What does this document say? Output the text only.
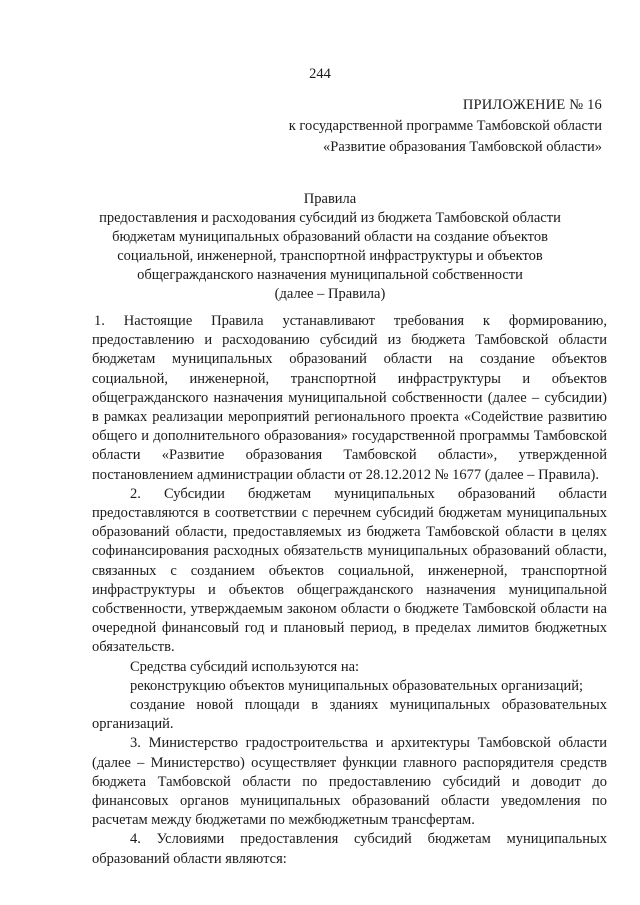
244
ПРИЛОЖЕНИЕ № 16
к государственной программе Тамбовской области
«Развитие образования Тамбовской области»
Правила
предоставления и расходования субсидий из бюджета Тамбовской области
бюджетам муниципальных образований области на создание объектов
социальной, инженерной, транспортной инфраструктуры и объектов
общегражданского назначения муниципальной собственности
(далее – Правила)

1. Настоящие Правила устанавливают требования к формированию, предоставлению и расходованию субсидий из бюджета Тамбовской области бюджетам муниципальных образований области на создание объектов социальной, инженерной, транспортной инфраструктуры и объектов общегражданского назначения муниципальной собственности (далее – субсидии) в рамках реализации мероприятий регионального проекта «Содействие развитию общего и дополнительного образования» государственной программы Тамбовской области «Развитие образования Тамбовской области», утвержденной постановлением администрации области от 28.12.2012 № 1677 (далее – Правила).

2. Субсидии бюджетам муниципальных образований области предоставляются в соответствии с перечнем субсидий бюджетам муниципальных образований области, предоставляемых из бюджета Тамбовской области в целях софинансирования расходных обязательств муниципальных образований области, связанных с созданием объектов социальной, инженерной, транспортной инфраструктуры и объектов общегражданского назначения муниципальной собственности, утверждаемым законом области о бюджете Тамбовской области на очередной финансовый год и плановый период, в пределах лимитов бюджетных обязательств.

Средства субсидий используются на:

реконструкцию объектов муниципальных образовательных организаций;

создание новой площади в зданиях муниципальных образовательных организаций.

3. Министерство градостроительства и архитектуры Тамбовской области (далее – Министерство) осуществляет функции главного распорядителя средств бюджета Тамбовской области по предоставлению субсидий и доводит до финансовых органов муниципальных образований области уведомления по расчетам между бюджетами по межбюджетным трансфертам.

4. Условиями предоставления субсидий бюджетам муниципальных образований области являются:
